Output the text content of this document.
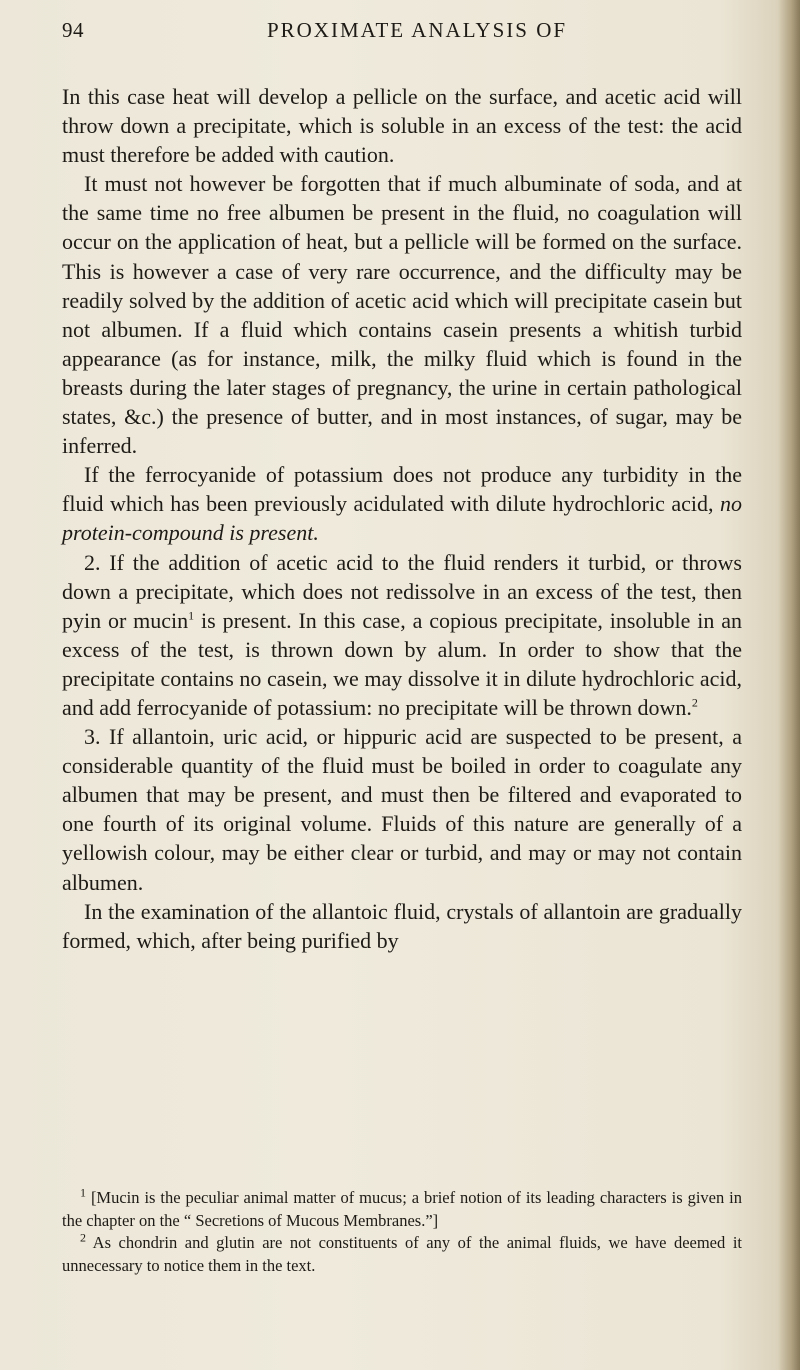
94	PROXIMATE ANALYSIS OF

In this case heat will develop a pellicle on the surface, and acetic acid will throw down a precipitate, which is soluble in an excess of the test: the acid must therefore be added with caution.

It must not however be forgotten that if much albuminate of soda, and at the same time no free albumen be present in the fluid, no coagulation will occur on the application of heat, but a pellicle will be formed on the surface. This is however a case of very rare occurrence, and the difficulty may be readily solved by the addition of acetic acid which will precipitate casein but not albumen. If a fluid which contains casein presents a whitish turbid appearance (as for instance, milk, the milky fluid which is found in the breasts during the later stages of pregnancy, the urine in certain pathological states, &c.) the presence of butter, and in most instances, of sugar, may be inferred.

If the ferrocyanide of potassium does not produce any turbidity in the fluid which has been previously acidulated with dilute hydrochloric acid, no protein-compound is present.

2. If the addition of acetic acid to the fluid renders it turbid, or throws down a precipitate, which does not redissolve in an excess of the test, then pyin or mucin$^1$ is present. In this case, a copious precipitate, insoluble in an excess of the test, is thrown down by alum. In order to show that the precipitate contains no casein, we may dissolve it in dilute hydrochloric acid, and add ferrocyanide of potassium: no precipitate will be thrown down.$^2$

3. If allantoin, uric acid, or hippuric acid are suspected to be present, a considerable quantity of the fluid must be boiled in order to coagulate any albumen that may be present, and must then be filtered and evaporated to one fourth of its original volume. Fluids of this nature are generally of a yellowish colour, may be either clear or turbid, and may or may not contain albumen.

In the examination of the allantoic fluid, crystals of allantoin are gradually formed, which, after being purified by

$^1$ [Mucin is the peculiar animal matter of mucus; a brief notion of its leading characters is given in the chapter on the “ Secretions of Mucous Membranes.”]

$^2$ As chondrin and glutin are not constituents of any of the animal fluids, we have deemed it unnecessary to notice them in the text.
